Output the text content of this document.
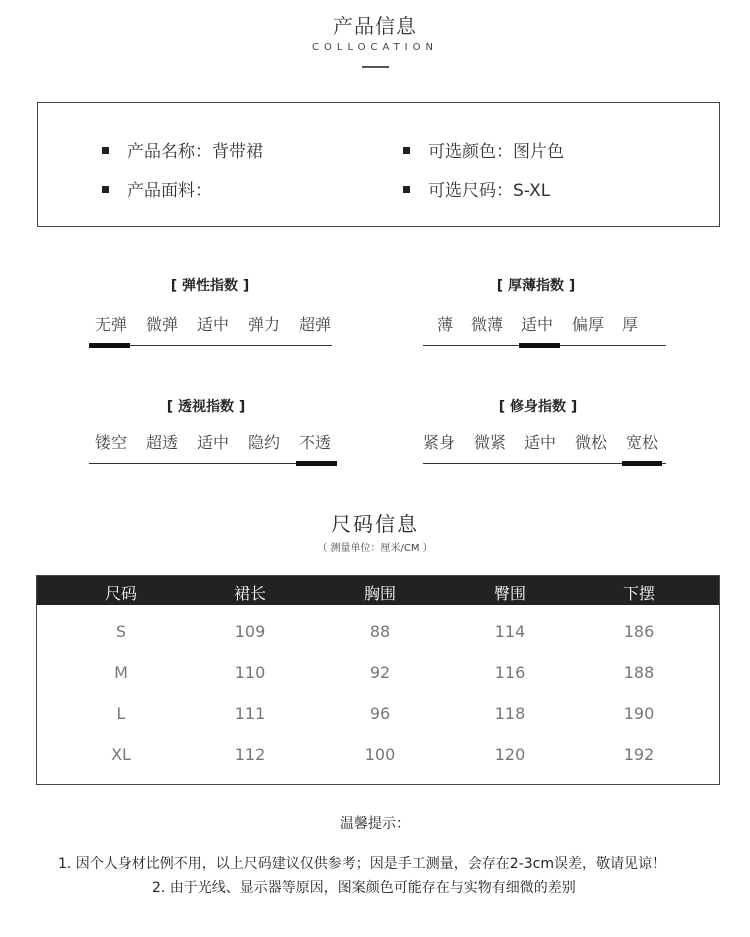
产品信息
COLLOCATION
产品名称：背带裙
产品面料：
可选颜色：图片色
可选尺码：S-XL
[ 弹性指数 ]
无弹 微弹 适中 弹力 超弹
[ 厚薄指数 ]
薄	微薄 适中 偏厚	厚
[ 透视指数 ]
镂空 超透 适中 隐约 不透
[ 修身指数 ]
紧身 微紧 适中 微松 宽松
尺码信息
（ 测量单位：厘米/CM ）
尺码	裙长	胸围	臀围	下摆
S	109	88	114	186
M	110	92	116	188
L	111	96	118	190
XL	112	100	120	192
温馨提示：
1. 因个人身材比例不用，以上尺码建议仅供参考；因是手工测量，会存在2-3cm误差，敬请见谅！
2. 由于光线、显示器等原因，图案颜色可能存在与实物有细微的差别
